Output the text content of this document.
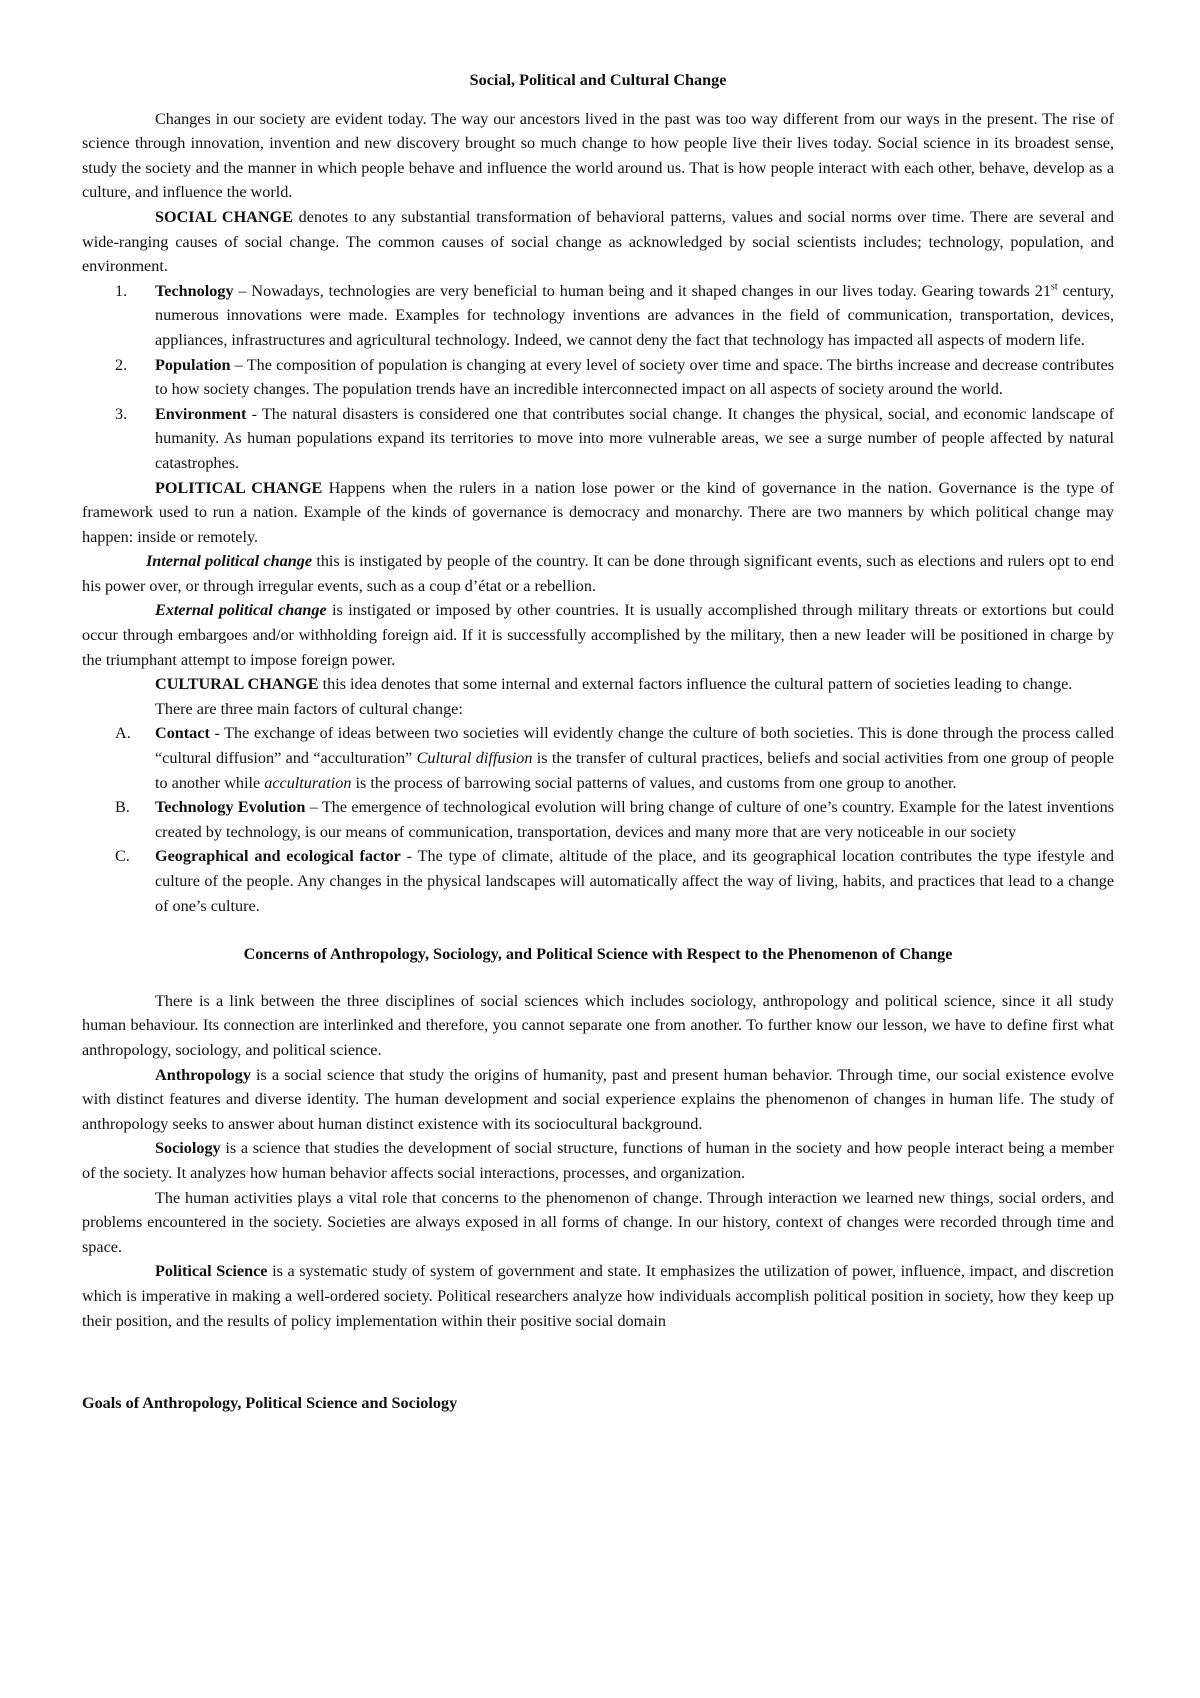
Social, Political and Cultural Change

Changes in our society are evident today. The way our ancestors lived in the past was too way different from our ways in the present. The rise of science through innovation, invention and new discovery brought so much change to how people live their lives today. Social science in its broadest sense, study the society and the manner in which people behave and influence the world around us. That is how people interact with each other, behave, develop as a culture, and influence the world.

SOCIAL CHANGE denotes to any substantial transformation of behavioral patterns, values and social norms over time. There are several and wide-ranging causes of social change. The common causes of social change as acknowledged by social scientists includes; technology, population, and environment.

1. Technology – Nowadays, technologies are very beneficial to human being and it shaped changes in our lives today. Gearing towards 21st century, numerous innovations were made. Examples for technology inventions are advances in the field of communication, transportation, devices, appliances, infrastructures and agricultural technology. Indeed, we cannot deny the fact that technology has impacted all aspects of modern life.
2. Population – The composition of population is changing at every level of society over time and space. The births increase and decrease contributes to how society changes. The population trends have an incredible interconnected impact on all aspects of society around the world.
3. Environment - The natural disasters is considered one that contributes social change. It changes the physical, social, and economic landscape of humanity. As human populations expand its territories to move into more vulnerable areas, we see a surge number of people affected by natural catastrophes.

POLITICAL CHANGE Happens when the rulers in a nation lose power or the kind of governance in the nation. Governance is the type of framework used to run a nation. Example of the kinds of governance is democracy and monarchy. There are two manners by which political change may happen: inside or remotely.

Internal political change this is instigated by people of the country. It can be done through significant events, such as elections and rulers opt to end his power over, or through irregular events, such as a coup d’état or a rebellion.

External political change is instigated or imposed by other countries. It is usually accomplished through military threats or extortions but could occur through embargoes and/or withholding foreign aid. If it is successfully accomplished by the military, then a new leader will be positioned in charge by the triumphant attempt to impose foreign power.

CULTURAL CHANGE this idea denotes that some internal and external factors influence the cultural pattern of societies leading to change.

There are three main factors of cultural change:

A. Contact - The exchange of ideas between two societies will evidently change the culture of both societies. This is done through the process called “cultural diffusion” and “acculturation” Cultural diffusion is the transfer of cultural practices, beliefs and social activities from one group of people to another while acculturation is the process of barrowing social patterns of values, and customs from one group to another.
B. Technology Evolution – The emergence of technological evolution will bring change of culture of one’s country. Example for the latest inventions created by technology, is our means of communication, transportation, devices and many more that are very noticeable in our society
C. Geographical and ecological factor - The type of climate, altitude of the place, and its geographical location contributes the type ifestyle and culture of the people. Any changes in the physical landscapes will automatically affect the way of living, habits, and practices that lead to a change of one’s culture.

Concerns of Anthropology, Sociology, and Political Science with Respect to the Phenomenon of Change

There is a link between the three disciplines of social sciences which includes sociology, anthropology and political science, since it all study human behaviour. Its connection are interlinked and therefore, you cannot separate one from another. To further know our lesson, we have to define first what anthropology, sociology, and political science.

Anthropology is a social science that study the origins of humanity, past and present human behavior. Through time, our social existence evolve with distinct features and diverse identity. The human development and social experience explains the phenomenon of changes in human life. The study of anthropology seeks to answer about human distinct existence with its sociocultural background.

Sociology is a science that studies the development of social structure, functions of human in the society and how people interact being a member of the society. It analyzes how human behavior affects social interactions, processes, and organization.

The human activities plays a vital role that concerns to the phenomenon of change. Through interaction we learned new things, social orders, and problems encountered in the society. Societies are always exposed in all forms of change. In our history, context of changes were recorded through time and space.

Political Science is a systematic study of system of government and state. It emphasizes the utilization of power, influence, impact, and discretion which is imperative in making a well-ordered society. Political researchers analyze how individuals accomplish political position in society, how they keep up their position, and the results of policy implementation within their positive social domain

Goals of Anthropology, Political Science and Sociology
